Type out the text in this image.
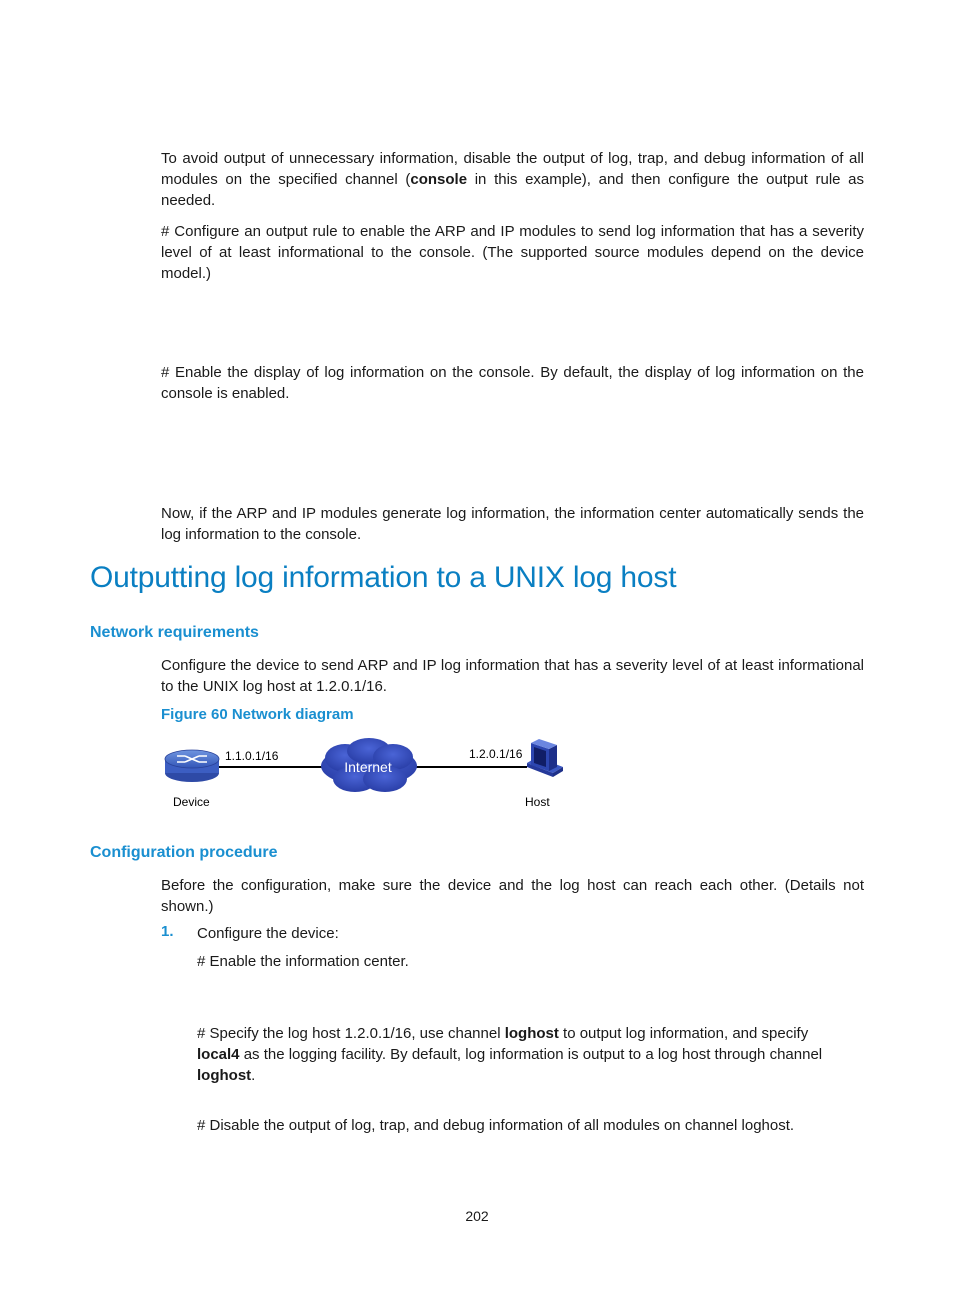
To avoid output of unnecessary information, disable the output of log, trap, and debug information of all modules on the specified channel (console in this example), and then configure the output rule as needed.

# Configure an output rule to enable the ARP and IP modules to send log information that has a severity level of at least informational to the console. (The supported source modules depend on the device model.)

# Enable the display of log information on the console. By default, the display of log information on the console is enabled.

Now, if the ARP and IP modules generate log information, the information center automatically sends the log information to the console.

Outputting log information to a UNIX log host
Network requirements

Configure the device to send ARP and IP log information that has a severity level of at least informational to the UNIX log host at 1.2.0.1/16.

Figure 60 Network diagram

Internet
1.1.0.1/16	1.2.0.1/16
Device	Host
Configuration procedure

Before the configuration, make sure the device and the log host can reach each other. (Details not shown.)

1. Configure the device:

# Enable the information center.

# Specify the log host 1.2.0.1/16, use channel loghost to output log information, and specify
local4 as the logging facility. By default, log information is output to a log host through channel
loghost.

# Disable the output of log, trap, and debug information of all modules on channel loghost.

202
